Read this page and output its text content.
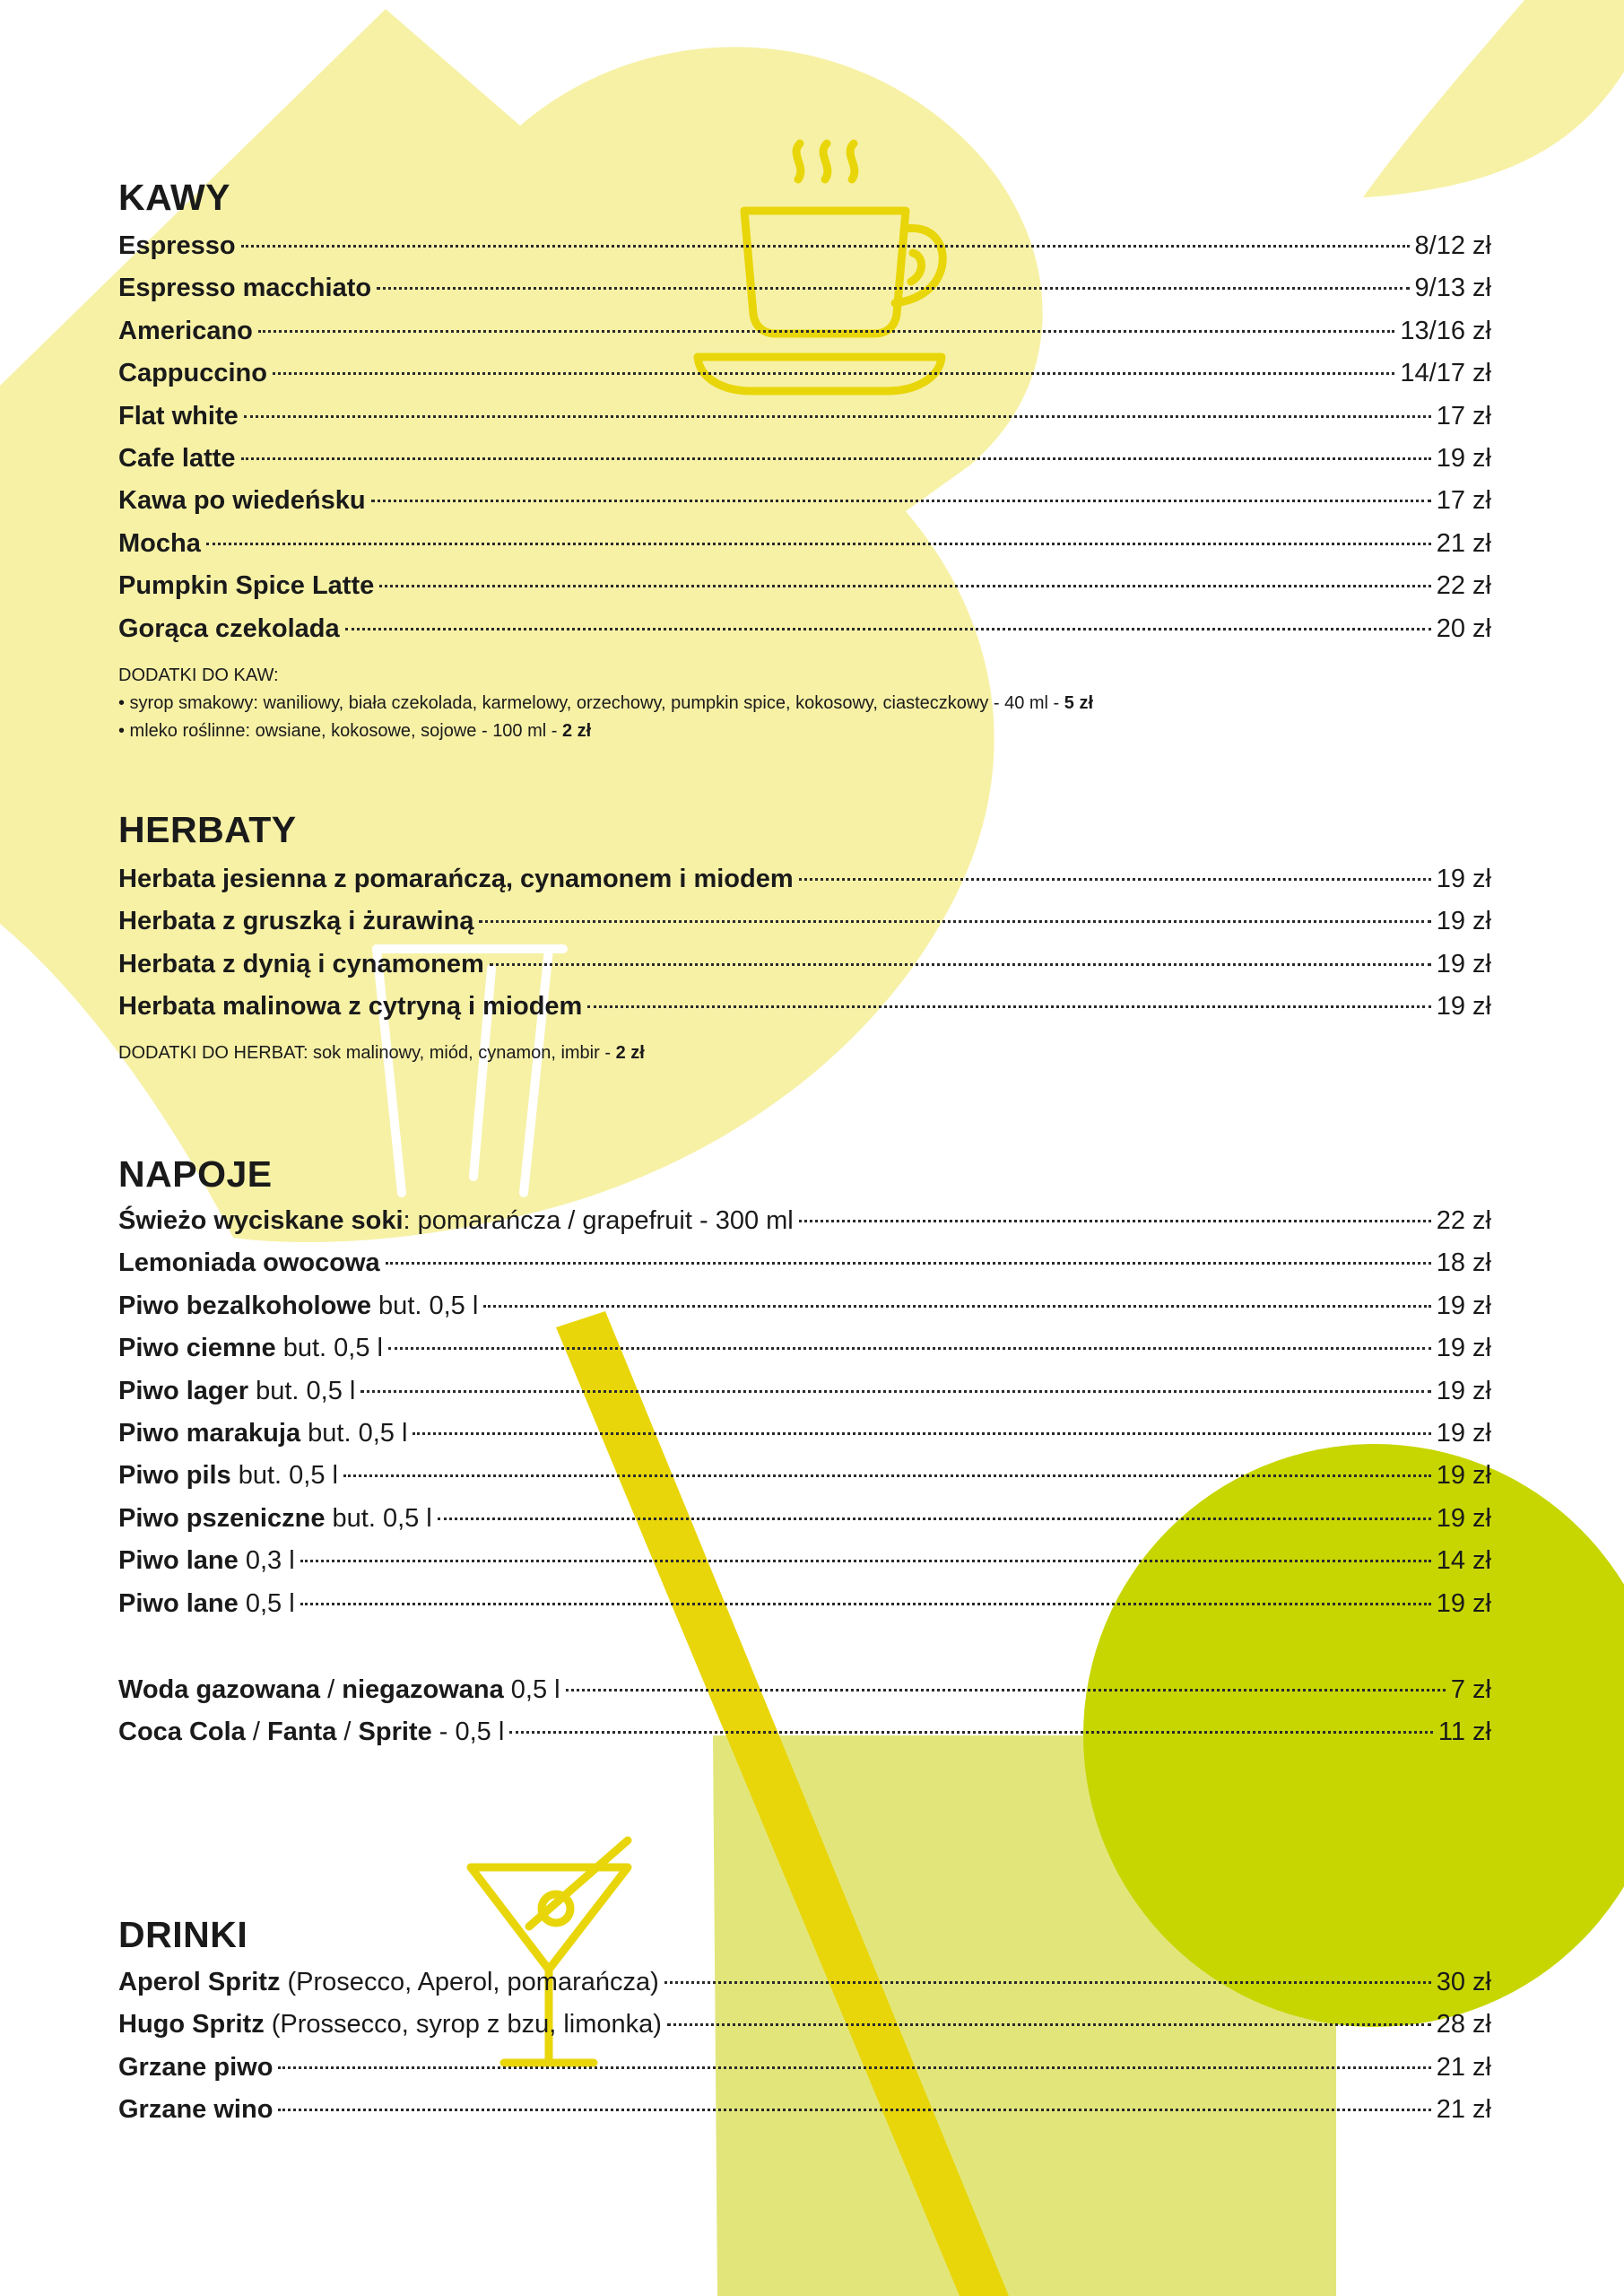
KAWY
Espresso	8/12 zł
Espresso macchiato	9/13 zł
Americano	13/16 zł
Cappuccino	14/17 zł
Flat white	17 zł
Cafe latte	19 zł
Kawa po wiedeńsku	17 zł
Mocha	21 zł
Pumpkin Spice Latte	22 zł
Gorąca czekolada	20 zł

DODATKI DO KAW:
• syrop smakowy: waniliowy, biała czekolada, karmelowy, orzechowy, pumpkin spice, kokosowy, ciasteczkowy - 40 ml - 5 zł
• mleko roślinne: owsiane, kokosowe, sojowe - 100 ml - 2 zł

HERBATY
Herbata jesienna z pomarańczą, cynamonem i miodem	19 zł
Herbata z gruszką i żurawiną	19 zł
Herbata z dynią i cynamonem	19 zł
Herbata malinowa z cytryną i miodem	19 zł

DODATKI DO HERBAT: sok malinowy, miód, cynamon, imbir - 2 zł

NAPOJE
Świeżo wyciskane soki: pomarańcza / grapefruit - 300 ml	22 zł
Lemoniada owocowa	18 zł
Piwo bezalkoholowe but. 0,5 l	19 zł
Piwo ciemne but. 0,5 l	19 zł
Piwo lager but. 0,5 l	19 zł
Piwo marakuja but. 0,5 l	19 zł
Piwo pils but. 0,5 l	19 zł
Piwo pszeniczne but. 0,5 l	19 zł
Piwo lane 0,3 l	14 zł
Piwo lane 0,5 l	19 zł
Woda gazowana / niegazowana 0,5 l	7 zł
Coca Cola / Fanta / Sprite - 0,5 l	11 zł
DRINKI
Aperol Spritz (Prosecco, Aperol, pomarańcza)	30 zł
Hugo Spritz (Prossecco, syrop z bzu, limonka)	28 zł
Grzane piwo	21 zł
Grzane wino	21 zł
